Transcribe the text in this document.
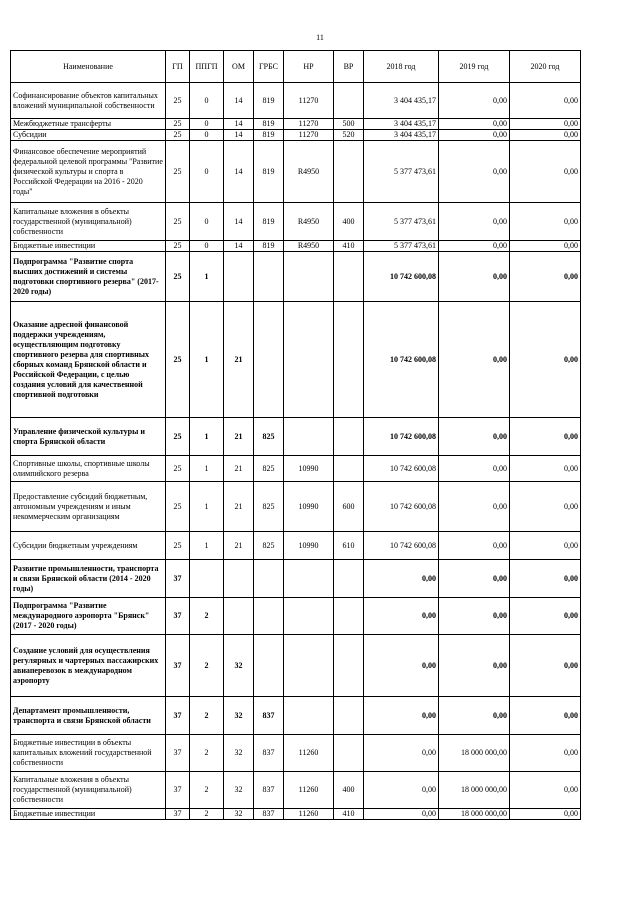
11
Наименование	ГП	ППГП	ОМ	ГРБС	НР	ВР	2018 год	2019 год	2020 год
Софинансирование объектов капитальных вложений муниципальной собственности	25	0	14	819	11270		3 404 435,17	0,00	0,00
Межбюджетные трансферты	25	0	14	819	11270	500	3 404 435,17	0,00	0,00
Субсидии	25	0	14	819	11270	520	3 404 435,17	0,00	0,00
Финансовое обеспечение мероприятий федеральной целевой программы "Развитие физической культуры и спорта в Российской Федерации на 2016 - 2020 годы"	25	0	14	819	R4950		5 377 473,61	0,00	0,00
Капитальные вложения в объекты государственной (муниципальной) собственности	25	0	14	819	R4950	400	5 377 473,61	0,00	0,00
Бюджетные инвестиции	25	0	14	819	R4950	410	5 377 473,61	0,00	0,00
Подпрограмма "Развитие спорта высших достижений и системы подготовки спортивного резерва" (2017-2020 годы)	25	1					10 742 600,08	0,00	0,00
Оказание адресной финансовой поддержки учреждениям, осуществляющим подготовку спортивного резерва для спортивных сборных команд Брянской области и Российской Федерации, с целью создания условий для качественной спортивной подготовки	25	1	21				10 742 600,08	0,00	0,00
Управление физической культуры и спорта Брянской области	25	1	21	825			10 742 600,08	0,00	0,00
Спортивные школы, спортивные школы олимпийского резерва	25	1	21	825	10990		10 742 600,08	0,00	0,00
Предоставление субсидий бюджетным, автономным учреждениям и иным некоммерческим организациям	25	1	21	825	10990	600	10 742 600,08	0,00	0,00
Субсидии бюджетным учреждениям	25	1	21	825	10990	610	10 742 600,08	0,00	0,00
Развитие промышленности, транспорта и связи Брянской области (2014 - 2020 годы)	37						0,00	0,00	0,00
Подпрограмма "Развитие международного аэропорта "Брянск" (2017 - 2020 годы)	37	2					0,00	0,00	0,00
Создание условий для осуществления регулярных и чартерных пассажирских авиаперевозок в международном аэропорту	37	2	32				0,00	0,00	0,00
Департамент промышленности, транспорта и связи Брянской области	37	2	32	837			0,00	0,00	0,00
Бюджетные инвестиции в объекты капитальных вложений государственной собственности	37	2	32	837	11260		0,00	18 000 000,00	0,00
Капитальные вложения в объекты государственной (муниципальной) собственности	37	2	32	837	11260	400	0,00	18 000 000,00	0,00
Бюджетные инвестиции	37	2	32	837	11260	410	0,00	18 000 000,00	0,00
